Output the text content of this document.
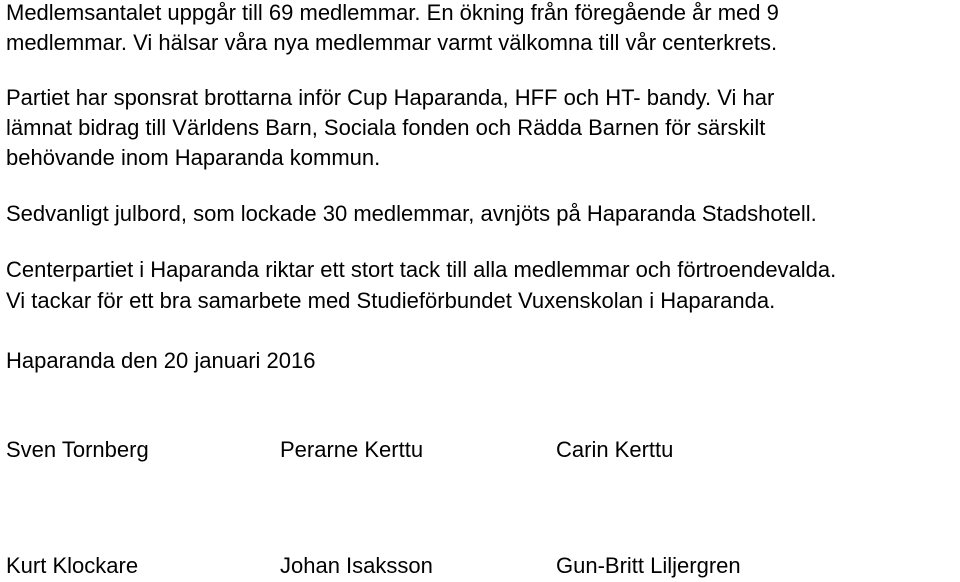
Medlemsantalet uppgår till 69 medlemmar. En ökning från föregående år med 9

medlemmar. Vi hälsar våra nya medlemmar varmt välkomna till vår centerkrets.

Partiet har sponsrat brottarna inför Cup Haparanda, HFF och HT- bandy. Vi har

lämnat bidrag till Världens Barn, Sociala fonden och Rädda Barnen för särskilt

behövande inom Haparanda kommun.

Sedvanligt julbord, som lockade 30 medlemmar, avnjöts på Haparanda Stadshotell.

Centerpartiet i Haparanda riktar ett stort tack till alla medlemmar och förtroendevalda.

Vi tackar för ett bra samarbete med Studieförbundet Vuxenskolan i Haparanda.

Haparanda den 20 januari 2016

Sven Tornberg	Perarne Kerttu	Carin Kerttu
Kurt Klockare	Johan Isaksson	Gun-Britt Liljergren
